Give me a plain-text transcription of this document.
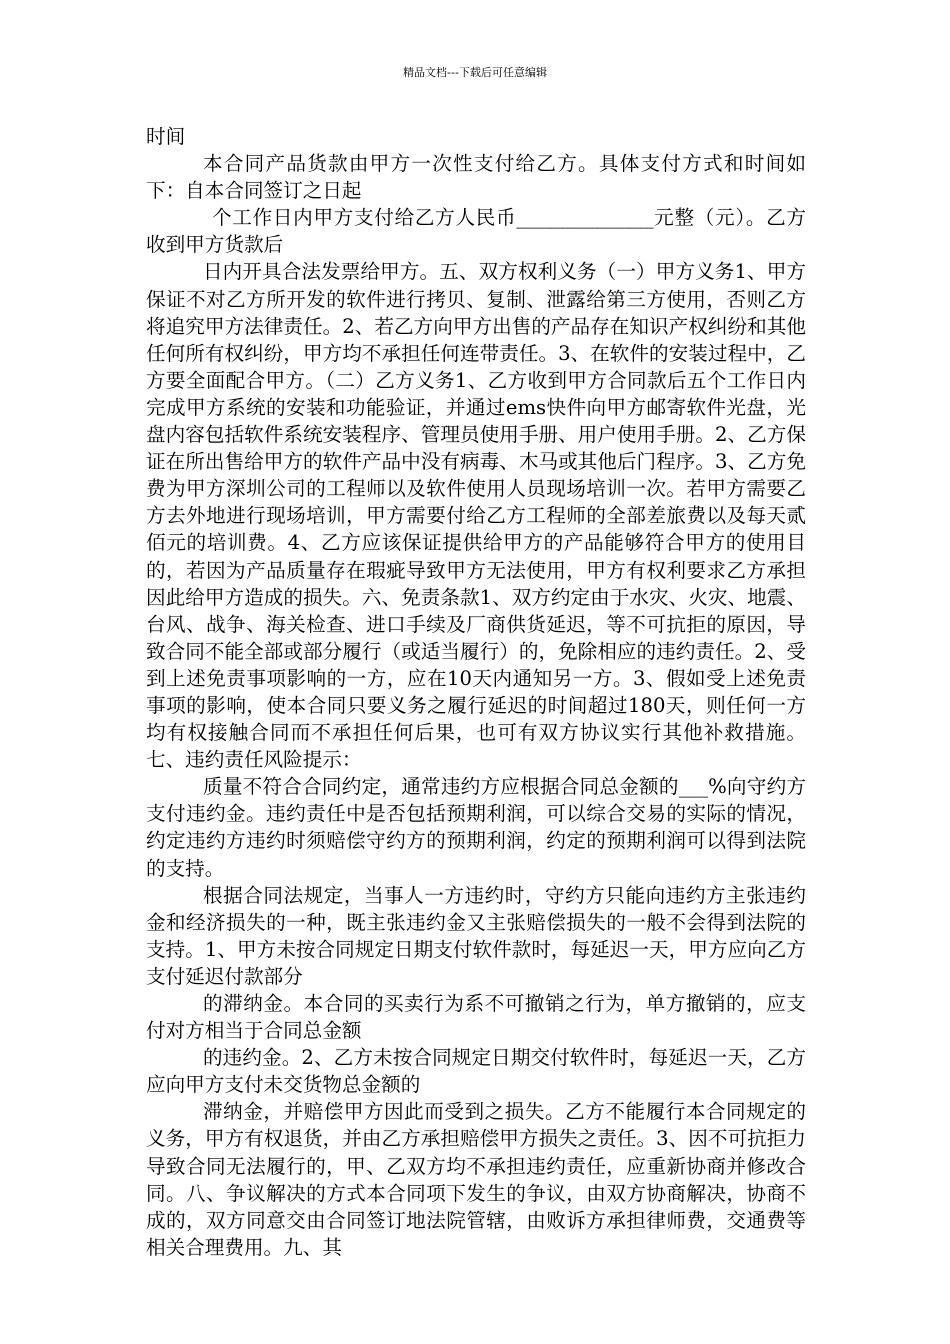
精品文档---下载后可任意编辑

时间

本合同产品货款由甲方一次性支付给乙方。具体支付方式和时间如下：自本合同签订之日起

个工作日内甲方支付给乙方人民币______________元整（元）。乙方收到甲方货款后

日内开具合法发票给甲方。五、双方权利义务（一）甲方义务1、甲方保证不对乙方所开发的软件进行拷贝、复制、泄露给第三方使用，否则乙方将追究甲方法律责任。2、若乙方向甲方出售的产品存在知识产权纠纷和其他任何所有权纠纷，甲方均不承担任何连带责任。3、在软件的安装过程中，乙方要全面配合甲方。（二）乙方义务1、乙方收到甲方合同款后五个工作日内完成甲方系统的安装和功能验证，并通过ems快件向甲方邮寄软件光盘，光盘内容包括软件系统安装程序、管理员使用手册、用户使用手册。2、乙方保证在所出售给甲方的软件产品中没有病毒、木马或其他后门程序。3、乙方免费为甲方深圳公司的工程师以及软件使用人员现场培训一次。若甲方需要乙方去外地进行现场培训，甲方需要付给乙方工程师的全部差旅费以及每天贰佰元的培训费。4、乙方应该保证提供给甲方的产品能够符合甲方的使用目的，若因为产品质量存在瑕疵导致甲方无法使用，甲方有权利要求乙方承担因此给甲方造成的损失。六、免责条款1、双方约定由于水灾、火灾、地震、台风、战争、海关检查、进口手续及厂商供货延迟，等不可抗拒的原因，导致合同不能全部或部分履行（或适当履行）的，免除相应的违约责任。2、受到上述免责事项影响的一方，应在10天内通知另一方。3、假如受上述免责事项的影响，使本合同只要义务之履行延迟的时间超过180天，则任何一方均有权接触合同而不承担任何后果，也可有双方协议实行其他补救措施。七、违约责任风险提示：

质量不符合合同约定，通常违约方应根据合同总金额的___%向守约方支付违约金。违约责任中是否包括预期利润，可以综合交易的实际的情况，约定违约方违约时须赔偿守约方的预期利润，约定的预期利润可以得到法院的支持。

根据合同法规定，当事人一方违约时，守约方只能向违约方主张违约金和经济损失的一种，既主张违约金又主张赔偿损失的一般不会得到法院的支持。1、甲方未按合同规定日期支付软件款时，每延迟一天，甲方应向乙方支付延迟付款部分

的滞纳金。本合同的买卖行为系不可撤销之行为，单方撤销的，应支付对方相当于合同总金额

的违约金。2、乙方未按合同规定日期交付软件时，每延迟一天，乙方应向甲方支付未交货物总金额的

滞纳金，并赔偿甲方因此而受到之损失。乙方不能履行本合同规定的义务，甲方有权退货，并由乙方承担赔偿甲方损失之责任。3、因不可抗拒力导致合同无法履行的，甲、乙双方均不承担违约责任，应重新协商并修改合同。八、争议解决的方式本合同项下发生的争议，由双方协商解决，协商不成的，双方同意交由合同签订地法院管辖，由败诉方承担律师费，交通费等相关合理费用。九、其
